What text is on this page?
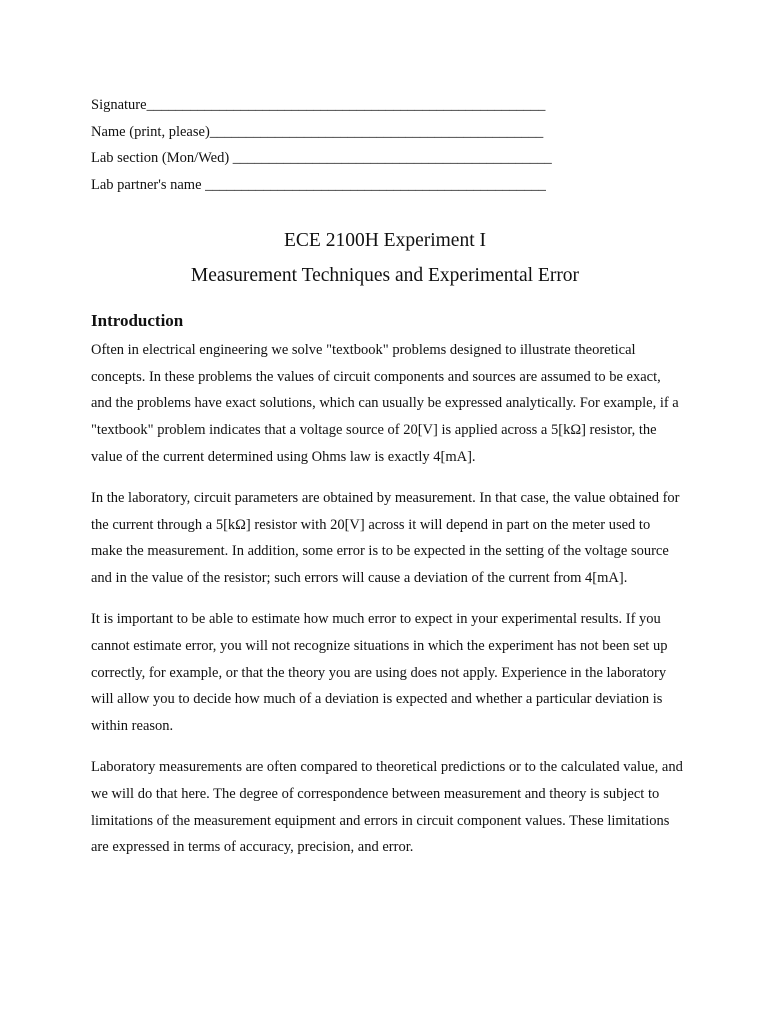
Signature_______________________________________________________
Name (print, please)______________________________________________
Lab section (Mon/Wed) ____________________________________________
Lab partner's name _______________________________________________
ECE 2100H Experiment I
Measurement Techniques and Experimental Error
Introduction

Often in electrical engineering we solve "textbook" problems designed to illustrate theoretical concepts. In these problems the values of circuit components and sources are assumed to be exact, and the problems have exact solutions, which can usually be expressed analytically. For example, if a "textbook" problem indicates that a voltage source of 20[V] is applied across a 5[kΩ] resistor, the value of the current determined using Ohms law is exactly 4[mA].

In the laboratory, circuit parameters are obtained by measurement. In that case, the value obtained for the current through a 5[kΩ] resistor with 20[V] across it will depend in part on the meter used to make the measurement. In addition, some error is to be expected in the setting of the voltage source and in the value of the resistor; such errors will cause a deviation of the current from 4[mA].

It is important to be able to estimate how much error to expect in your experimental results. If you cannot estimate error, you will not recognize situations in which the experiment has not been set up correctly, for example, or that the theory you are using does not apply. Experience in the laboratory will allow you to decide how much of a deviation is expected and whether a particular deviation is within reason.

Laboratory measurements are often compared to theoretical predictions or to the calculated value, and we will do that here. The degree of correspondence between measurement and theory is subject to limitations of the measurement equipment and errors in circuit component values. These limitations are expressed in terms of accuracy, precision, and error.
